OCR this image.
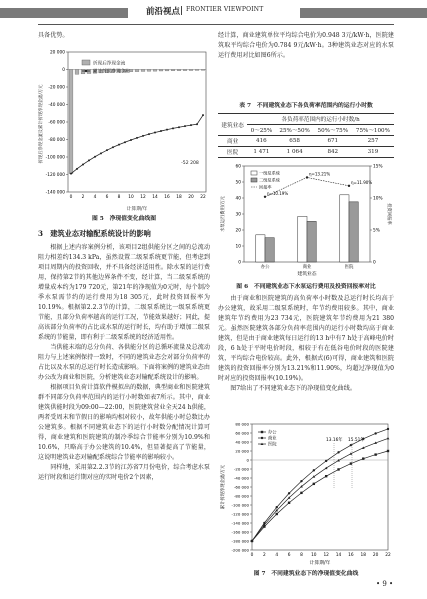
前沿视点 FRONTIER VIEWPOINT

具备优势。

20 000
0
-20 000
-40 000
-60 000
-80 000
-100 000
-120 000
-140 000
0 2 4 6 8 10 12 14 16 18 20 22
折现后净现金流
累计折现净现金流
-52 208
折现后净现金流及累计折现净现金流/万元
计算期/年
图 5　净现值变化曲线图
3　建筑业态对输配系统设计的影响

根据上述内容案例分析，该项目2组供能分区之间的总流动阻力相差约134.3 kPa，虽然设置二级泵系统更节能，但考虑到项目周期内的投资回收，并不具备经济适用性。除水泵的运行费用，保持第2节的其他边界条件不变，经计算，当二级泵系统的增量成本约为179 720元，第21年的净现值为0元时，每个制冷季水泵需节约的运行费用为18 305元，此时投资回报率为10.19%。根据第2.2.3节的计算，二级泵系统比一级泵系统更节能，且部分负荷率越高的运行工况，节能效果越好；同此，提高该部分负荷率的占比或水泵的运行时长，均有助于增加二级泵系统的节能量，即有利于二级泵系统的经济适用性。

当供能末端的总分负荷、各供能分区的总循环流量及总流动阻力与上述案例保持一致时，不同的建筑业态会对部分负荷率的占比以及水泵的总运行时长造成影响。下面将案例的建筑业态由办公改为商业和医院，分析建筑业态对输配系统设计的影响。

根据项目负荷计算软件模拟出的数据，典型商业和医院建筑群不同部分负荷率范围内的运行小时数如表7所示。其中，商业建筑供能时段为09:00—22:00，医院建筑营业全天24 h供能，两者受周末和节假日的影响均相对较小，故年供能小时总数比办公建筑多。根据不同建筑业态下的运行小时数分配情况计算可得，商业建筑和医院建筑的制冷季综合节能率分别为10.9%和10.6%，只略高于办公建筑的10.4%，但显著提高了节能量，这说明建筑业态对输配系统综合节能率的影响较小。

同样地，采用第2.2.3节的江苏省7月份电价，综合考虑水泵运行时段和运行期对应的实时电价2个因素，

经计算，商业建筑单位平均综合电价为0.948 3元/kW·h，医院建筑取平均综合电价为0.784 9元/kW·h。3种建筑业态对应的水泵运行费用对比如图6所示。

表 7　不同建筑业态下各负荷率范围内的运行小时数
建筑业态	各负荷率范围内的运行小时数/h			
	0～25%	25%～50%	50%～75%	75%～100%
商业	416	658	671	257
医院	1 471	1 064	842	319
0
10
20
30
40
50
60
0
5%
10%
15%
办公	商业	医院
η=10.19%
η=13.21%
η=11.90%
一级泵系统
二级泵系统
回报率
水泵运行费用/万元	投资回报率
建筑业态
图 6　不同建筑业态下水泵运行费用及投资回报率对比

由于商业和医院建筑的高负荷率小时数及总运行时长均高于办公建筑，故采用二级泵系统时，年节约费用较多。其中，商业建筑年节约费用为23 734元，医院建筑年节约费用为21 380元。虽然医院建筑各部分负荷率范围内的运行小时数均高于商业建筑，但是由于商业建筑每日运行的13 h中有7 h处于高峰电价时段，6 h处于平时电价时段，相较于有在低谷电价时段的医院建筑，平均综合电价较高。此外，根据式(6)可得，商业建筑和医院建筑的投资回报率分别为13.21%和11.90%，均超过净现值为0时对应的投资回报率(10.19%)。

图7给出了不同建筑业态下的净现值变化曲线。

80 000
60 000
40 000
20 000
0
-20 000
-40 000
-60 000
-80 000
-100 000
-120 000
-140 000
-160 000
-180 000
-200 000
0 2 4 6 8 10 12 14 16 18 20 22
办公
商业
医院
13.16年 15.51年
累计折现净现金流/万元
计算期/年
图 7　不同建筑业态下的净现值变化曲线
• 9 •
